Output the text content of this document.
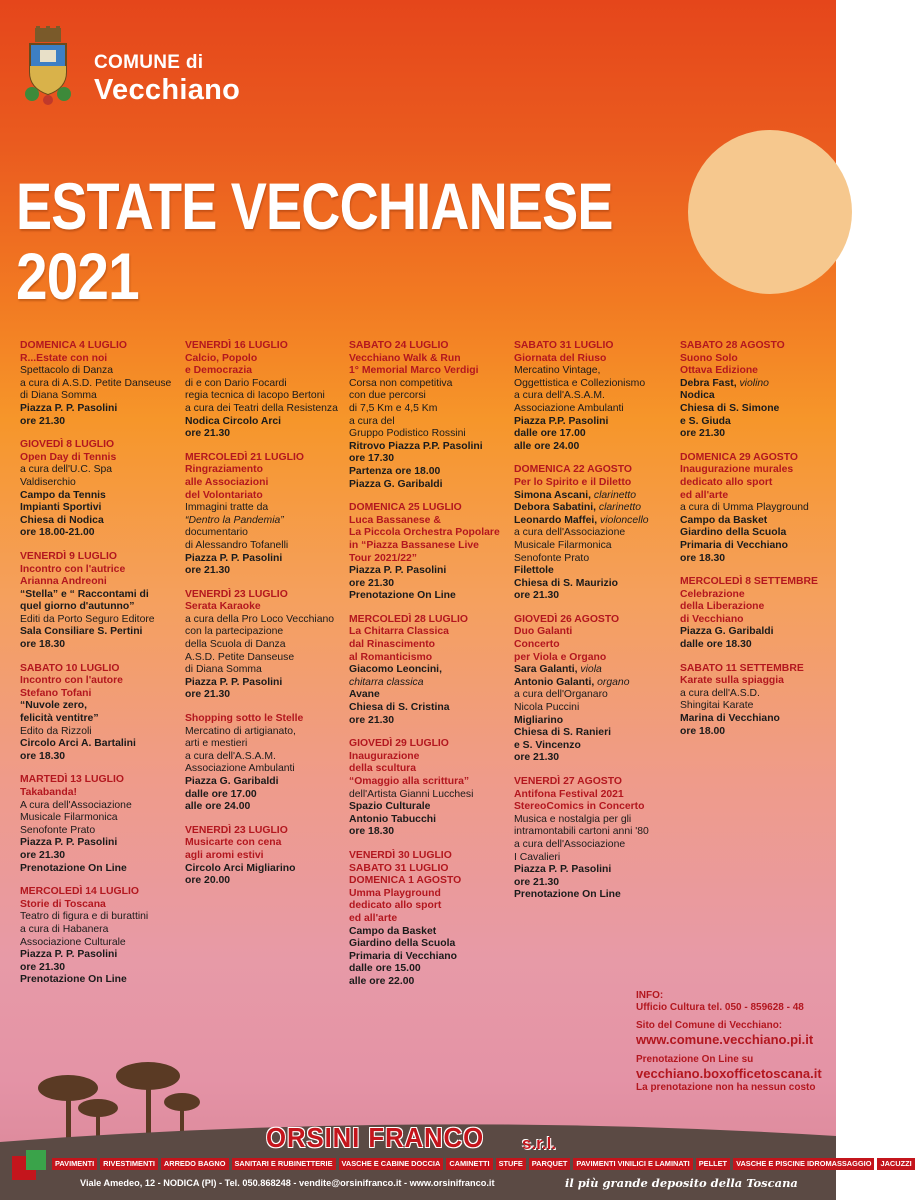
COMUNE di
Vecchiano
ESTATE VECCHIANESE
2021
DOMENICA 4 LUGLIO
R...Estate con noi
Spettacolo di Danza
a cura di A.S.D. Petite Danseuse
di Diana Somma
Piazza P. P. Pasolini
ore 21.30
GIOVEDÌ 8 LUGLIO
Open Day di Tennis
a cura dell'U.C. Spa
Valdiserchio
Campo da Tennis
Impianti Sportivi
Chiesa di Nodica
ore 18.00-21.00
VENERDÌ 9 LUGLIO
Incontro con l'autrice
Arianna Andreoni
“Stella” e “ Raccontami di
quel giorno d'autunno”
Editi da Porto Seguro Editore
Sala Consiliare S. Pertini
ore 18.30
SABATO 10 LUGLIO
Incontro con l'autore
Stefano Tofani
“Nuvole zero,
felicità ventitre”
Edito da Rizzoli
Circolo Arci A. Bartalini
ore 18.30
MARTEDÌ 13 LUGLIO
Takabanda!
A cura dell'Associazione
Musicale Filarmonica
Senofonte Prato
Piazza P. P. Pasolini
ore 21.30
Prenotazione On Line
MERCOLEDÌ 14 LUGLIO
Storie di Toscana
Teatro di figura e di burattini
a cura di Habanera
Associazione Culturale
Piazza P. P. Pasolini
ore 21.30
Prenotazione On Line
VENERDÌ 16 LUGLIO
Calcio, Popolo
e Democrazia
di e con Dario Focardi
regia tecnica di Iacopo Bertoni
a cura dei Teatri della Resistenza
Nodica Circolo Arci
ore 21.30
MERCOLEDÌ 21 LUGLIO
Ringraziamento
alle Associazioni
del Volontariato
Immagini tratte da
“Dentro la Pandemia”
documentario
di Alessandro Tofanelli
Piazza P. P. Pasolini
ore 21.30
VENERDÌ 23 LUGLIO
Serata Karaoke
a cura della Pro Loco Vecchiano
con la partecipazione
della Scuola di Danza
A.S.D. Petite Danseuse
di Diana Somma
Piazza P. P. Pasolini
ore 21.30
Shopping sotto le Stelle
Mercatino di artigianato,
arti e mestieri
a cura dell'A.S.A.M.
Associazione Ambulanti
Piazza G. Garibaldi
dalle ore 17.00
alle ore 24.00
VENERDÌ 23 LUGLIO
Musicarte con cena
agli aromi estivi
Circolo Arci Migliarino
ore 20.00
SABATO 24 LUGLIO
Vecchiano Walk & Run
1° Memorial Marco Verdigi
Corsa non competitiva
con due percorsi
di 7,5 Km e 4,5 Km
a cura del
Gruppo Podistico Rossini
Ritrovo Piazza P.P. Pasolini
ore 17.30
Partenza ore 18.00
Piazza G. Garibaldi
DOMENICA 25 LUGLIO
Luca Bassanese &
La Piccola Orchestra Popolare
in “Piazza Bassanese Live
Tour 2021/22”
Piazza P. P. Pasolini
ore 21.30
Prenotazione On Line
MERCOLEDÌ 28 LUGLIO
La Chitarra Classica
dal Rinascimento
al Romanticismo
Giacomo Leoncini,
chitarra classica
Avane
Chiesa di S. Cristina
ore 21.30
GIOVEDÌ 29 LUGLIO
Inaugurazione
della scultura
“Omaggio alla scrittura”
dell'Artista Gianni Lucchesi
Spazio Culturale
Antonio Tabucchi
ore 18.30
VENERDÌ 30 LUGLIO
SABATO 31 LUGLIO
DOMENICA 1 AGOSTO
Umma Playground
dedicato allo sport
ed all'arte
Campo da Basket
Giardino della Scuola
Primaria di Vecchiano
dalle ore 15.00
alle ore 22.00
SABATO 31 LUGLIO
Giornata del Riuso
Mercatino Vintage,
Oggettistica e Collezionismo
a cura dell'A.S.A.M.
Associazione Ambulanti
Piazza P.P. Pasolini
dalle ore 17.00
alle ore 24.00
DOMENICA 22 AGOSTO
Per lo Spirito e il Diletto
Simona Ascani, clarinetto
Debora Sabatini, clarinetto
Leonardo Maffei, violoncello
a cura dell'Associazione
Musicale Filarmonica
Senofonte Prato
Filettole
Chiesa di S. Maurizio
ore 21.30
GIOVEDÌ 26 AGOSTO
Duo Galanti
Concerto
per Viola e Organo
Sara Galanti, viola
Antonio Galanti, organo
a cura dell'Organaro
Nicola Puccini
Migliarino
Chiesa di S. Ranieri
e S. Vincenzo
ore 21.30
VENERDÌ 27 AGOSTO
Antifona Festival 2021
StereoComics in Concerto
Musica e nostalgia per gli
intramontabili cartoni anni '80
a cura dell'Associazione
I Cavalieri
Piazza P. P. Pasolini
ore 21.30
Prenotazione On Line
SABATO 28 AGOSTO
Suono Solo
Ottava Edizione
Debra Fast, violino
Nodica
Chiesa di S. Simone
e S. Giuda
ore 21.30
DOMENICA 29 AGOSTO
Inaugurazione murales
dedicato allo sport
ed all'arte
a cura di Umma Playground
Campo da Basket
Giardino della Scuola
Primaria di Vecchiano
ore 18.30
MERCOLEDÌ 8 SETTEMBRE
Celebrazione
della Liberazione
di Vecchiano
Piazza G. Garibaldi
dalle ore 18.30
SABATO 11 SETTEMBRE
Karate sulla spiaggia
a cura dell'A.S.D.
Shingitai Karate
Marina di Vecchiano
ore 18.00
INFO:
Ufficio Cultura tel. 050 - 859628 - 48
Sito del Comune di Vecchiano:
www.comune.vecchiano.pi.it
Prenotazione On Line su
vecchiano.boxofficetoscana.it
La prenotazione non ha nessun costo
ORSINI FRANCO s.r.l.
PAVIMENTI RIVESTIMENTI ARREDO BAGNO SANITARI E RUBINETTERIE VASCHE E CABINE DOCCIA CAMINETTI STUFE PARQUET PAVIMENTI VINILICI E LAMINATI PELLET VASCHE E PISCINE IDROMASSAGGIO JACUZZI
Viale Amedeo, 12 - NODICA (PI) - Tel. 050.868248 - vendite@orsinifranco.it - www.orsinifranco.it	il più grande deposito della Toscana
